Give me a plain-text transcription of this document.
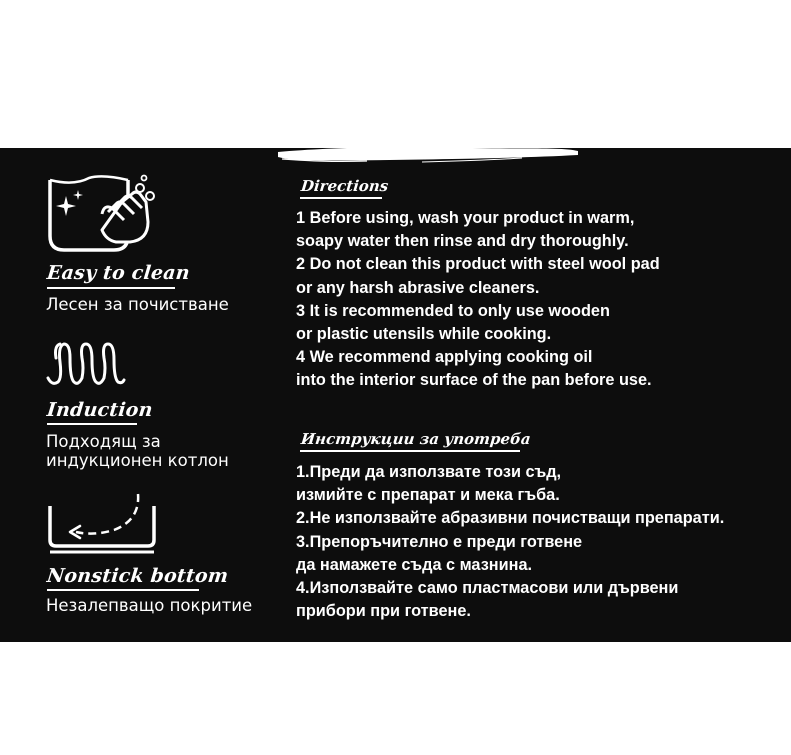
Easy to clean
Лесен за почистване
Induction
Подходящ за
индукционен котлон
Nonstick bottom
Незалепващо покритие
Directions
1 Before using, wash your product in warm,
soapy water then rinse and dry thoroughly.
2 Do not clean this product with steel wool pad
or any harsh abrasive cleaners.
3 It is recommended to only use wooden
or plastic utensils while cooking.
4 We recommend applying cooking oil
into the interior surface of the pan before use.
Инструкции за употреба
1.Преди да използвате този съд,
измийте с препарат и мека гъба.
2.Не използвайте абразивни почистващи препарати.
3.Препоръчително е преди готвене
да намажете съда с мазнина.
4.Използвайте само пластмасови или дървени
прибори при готвене.
